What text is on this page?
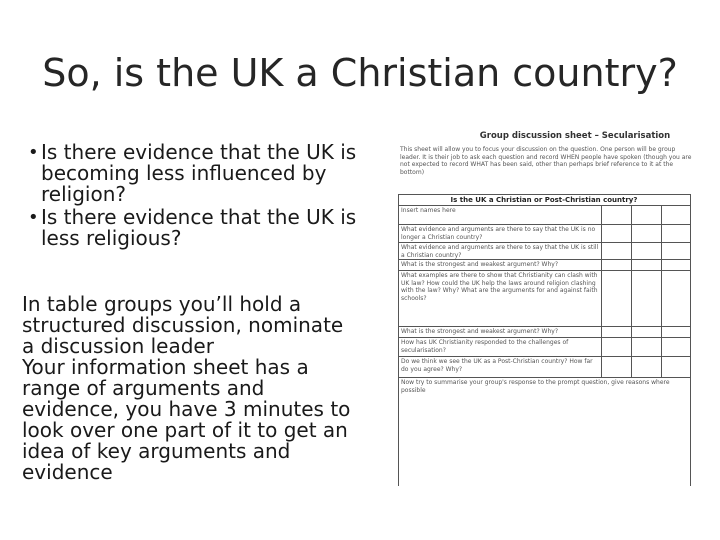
So, is the UK a Christian country?
• Is there evidence that the UK is becoming less influenced by religion?
• Is there evidence that the UK is less religious?

In table groups you’ll hold a structured discussion, nominate a discussion leader

Your information sheet has a range of arguments and evidence, you have 3 minutes to look over one part of it to get an idea of key arguments and evidence

Group discussion sheet – Secularisation
This sheet will allow you to focus your discussion on the question. One person will be group leader. It is their job to ask each question and record WHEN people have spoken (though you are not expected to record WHAT has been said, other than perhaps brief reference to it at the bottom)
Is the UK a Christian or Post-Christian country?
Insert names here
What evidence and arguments are there to say that the UK is no longer a Christian country?
What evidence and arguments are there to say that the UK is still a Christian country?
What is the strongest and weakest argument? Why?
What examples are there to show that Christianity can clash with UK law? How could the UK help the laws around religion clashing with the law? Why? What are the arguments for and against faith schools?
What is the strongest and weakest argument? Why?
How has UK Christianity responded to the challenges of secularisation?
Do we think we see the UK as a Post-Christian country? How far do you agree? Why?
Now try to summarise your group's response to the prompt question, give reasons where possible
